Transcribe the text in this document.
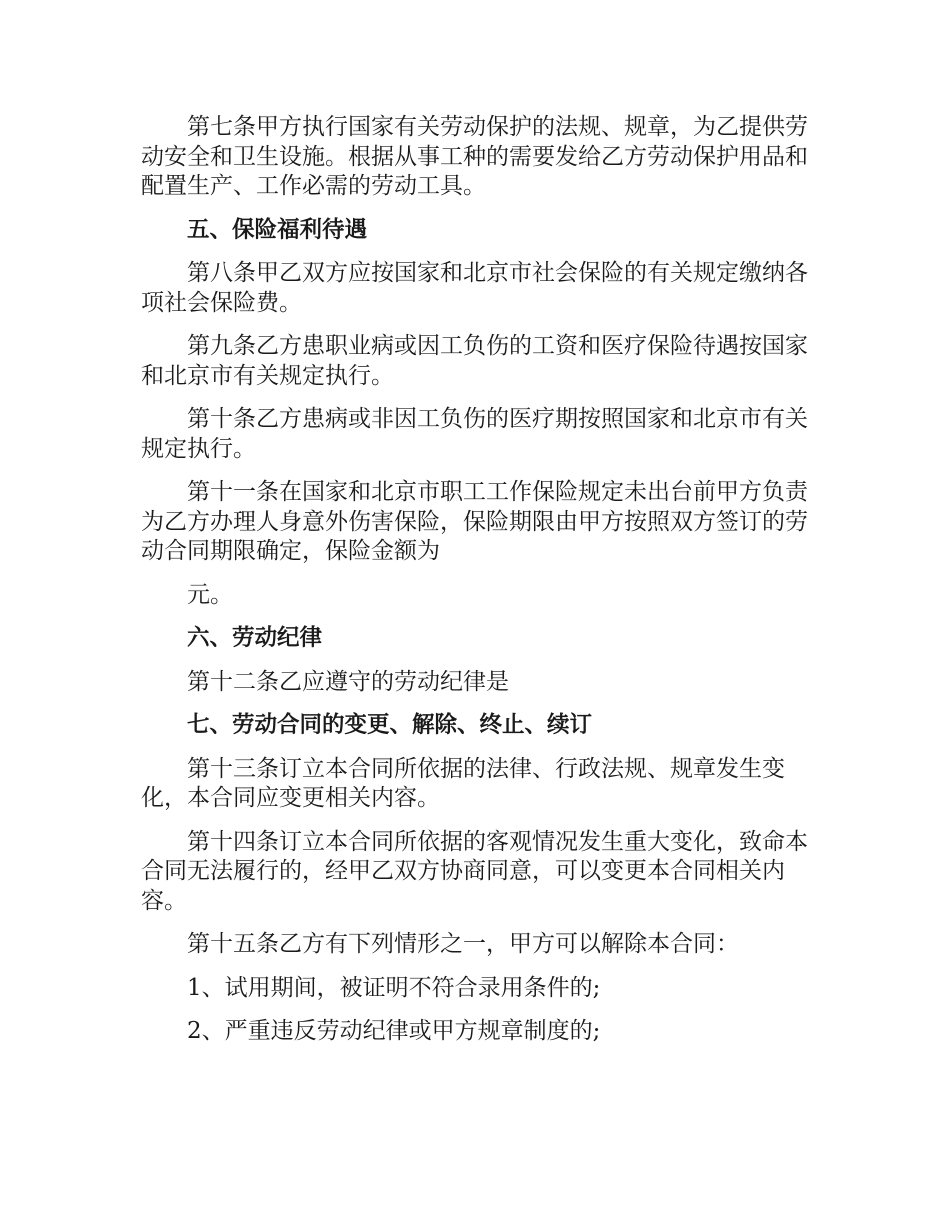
第七条甲方执行国家有关劳动保护的法规、规章，为乙提供劳动安全和卫生设施。根据从事工种的需要发给乙方劳动保护用品和配置生产、工作必需的劳动工具。

五、保险福利待遇

第八条甲乙双方应按国家和北京市社会保险的有关规定缴纳各项社会保险费。

第九条乙方患职业病或因工负伤的工资和医疗保险待遇按国家和北京市有关规定执行。

第十条乙方患病或非因工负伤的医疗期按照国家和北京市有关规定执行。

第十一条在国家和北京市职工工作保险规定未出台前甲方负责为乙方办理人身意外伤害保险，保险期限由甲方按照双方签订的劳动合同期限确定，保险金额为

元。

六、劳动纪律

第十二条乙应遵守的劳动纪律是

七、劳动合同的变更、解除、终止、续订

第十三条订立本合同所依据的法律、行政法规、规章发生变化，本合同应变更相关内容。

第十四条订立本合同所依据的客观情况发生重大变化，致命本合同无法履行的，经甲乙双方协商同意，可以变更本合同相关内容。

第十五条乙方有下列情形之一，甲方可以解除本合同：

1、试用期间，被证明不符合录用条件的;

2、严重违反劳动纪律或甲方规章制度的;
